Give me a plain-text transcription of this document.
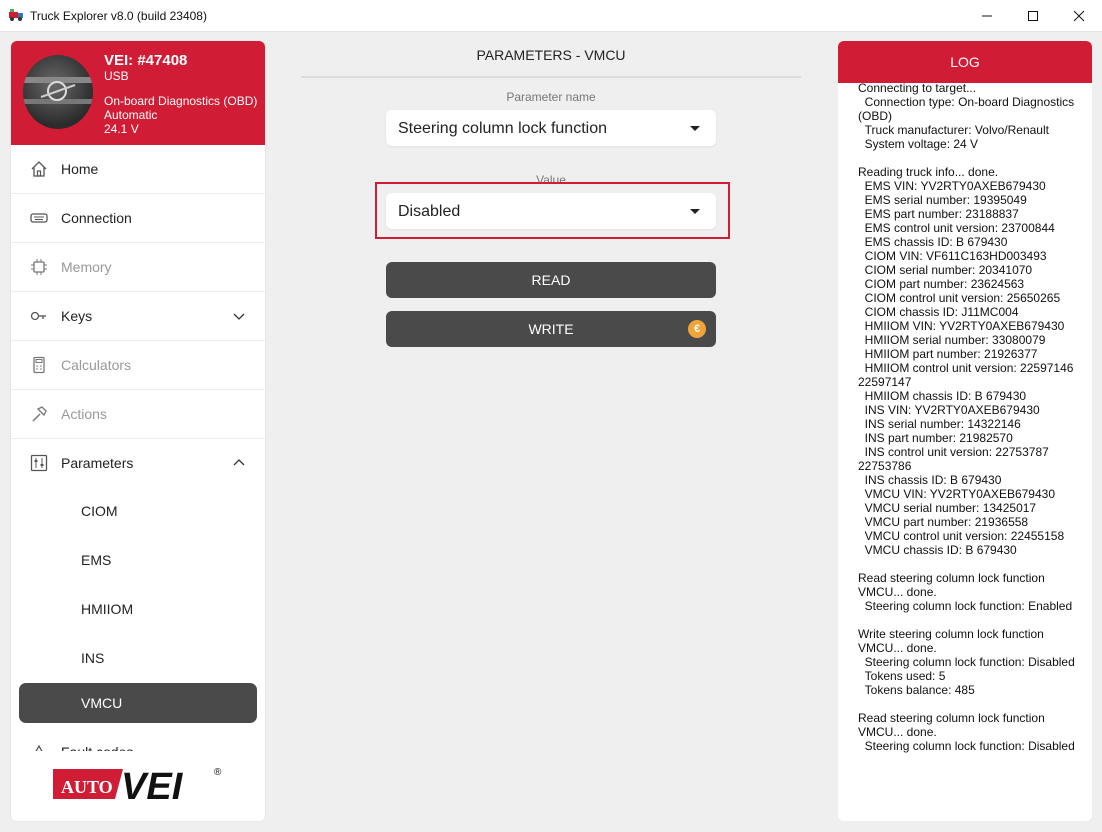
Truck Explorer v8.0 (build 23408)
VEI: #47408
USB
On-board Diagnostics (OBD)
Automatic
24.1 V
Home
Connection
Memory
Keys
Calculators
Actions
Parameters
CIOM
EMS
HMIIOM
INS
VMCU
AUTO VEI	®
PARAMETERS - VMCU
Parameter name
Steering column lock function
Value
Disabled
READ
WRITE	€
LOG
Connecting to target...
Connection type: On-board Diagnostics (OBD)
Truck manufacturer: Volvo/Renault
System voltage: 24 V
Reading truck info... done.
EMS VIN: YV2RTY0AXEB679430
EMS serial number: 19395049
EMS part number: 23188837
EMS control unit version: 23700844
EMS chassis ID: B 679430
CIOM VIN: VF611C163HD003493
CIOM serial number: 20341070
CIOM part number: 23624563
CIOM control unit version: 25650265
CIOM chassis ID: J11MC004
HMIIOM VIN: YV2RTY0AXEB679430
HMIIOM serial number: 33080079
HMIIOM part number: 21926377
HMIIOM control unit version: 22597146 22597147
HMIIOM chassis ID: B 679430
INS VIN: YV2RTY0AXEB679430
INS serial number: 14322146
INS part number: 21982570
INS control unit version: 22753787 22753786
INS chassis ID: B 679430
VMCU VIN: YV2RTY0AXEB679430
VMCU serial number: 13425017
VMCU part number: 21936558
VMCU control unit version: 22455158
VMCU chassis ID: B 679430
Read steering column lock function VMCU... done.
Steering column lock function: Enabled
Write steering column lock function VMCU... done.
Steering column lock function: Disabled
Tokens used: 5
Tokens balance: 485
Read steering column lock function VMCU... done.
Steering column lock function: Disabled
